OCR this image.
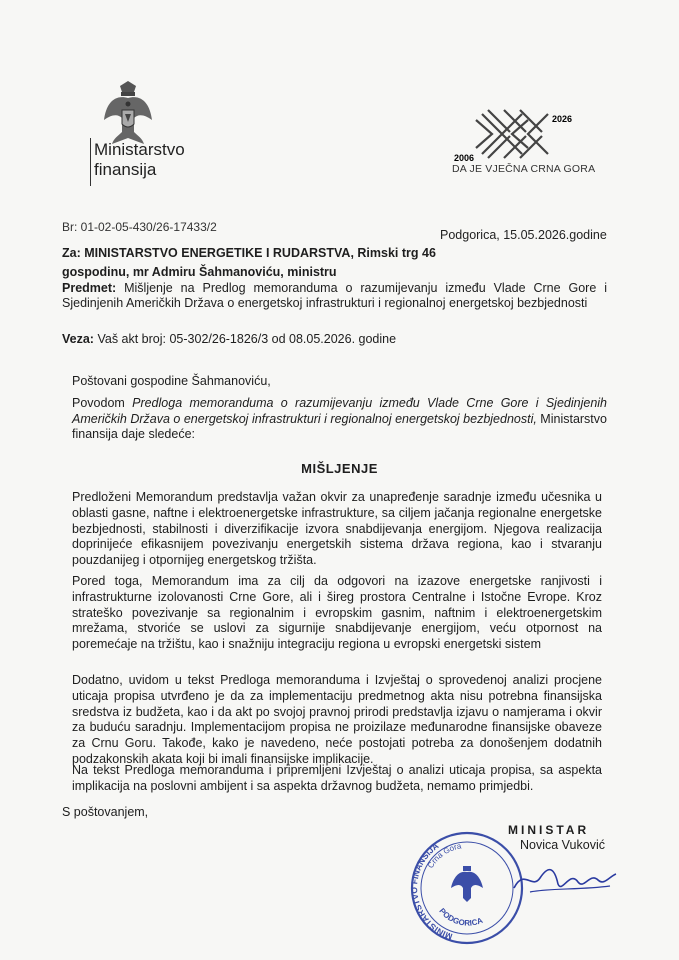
Ministarstvo
finansija
2006
2026
DA JE VJEČNA CRNA GORA
Br: 01-02-05-430/26-17433/2
Podgorica, 15.05.2026.godine
Za: MINISTARSTVO ENERGETIKE I RUDARSTVA, Rimski trg 46
gospodinu, mr Admiru Šahmanoviću, ministru
Predmet: Mišljenje na Predlog memoranduma o razumijevanju između Vlade Crne Gore i Sjedinjenih Američkih Država o energetskoj infrastrukturi i regionalnoj energetskoj bezbjednosti
Veza: Vaš akt broj: 05-302/26-1826/3 od 08.05.2026. godine
Poštovani gospodine Šahmanoviću,
Povodom Predloga memoranduma o razumijevanju između Vlade Crne Gore i Sjedinjenih Američkih Država o energetskoj infrastrukturi i regionalnoj energetskoj bezbjednosti, Ministarstvo finansija daje sledeće:
MIŠLJENJE
Predloženi Memorandum predstavlja važan okvir za unapređenje saradnje između učesnika u oblasti gasne, naftne i elektroenergetske infrastrukture, sa ciljem jačanja regionalne energetske bezbjednosti, stabilnosti i diverzifikacije izvora snabdijevanja energijom. Njegova realizacija doprinijeće efikasnijem povezivanju energetskih sistema država regiona, kao i stvaranju pouzdanijeg i otpornijeg energetskog tržišta.
Pored toga, Memorandum ima za cilj da odgovori na izazove energetske ranjivosti i infrastrukturne izolovanosti Crne Gore, ali i šireg prostora Centralne i Istočne Evrope. Kroz strateško povezivanje sa regionalnim i evropskim gasnim, naftnim i elektroenergetskim mrežama, stvoriće se uslovi za sigurnije snabdijevanje energijom, veću otpornost na poremećaje na tržištu, kao i snažniju integraciju regiona u evropski energetski sistem
Dodatno, uvidom u tekst Predloga memoranduma i Izvještaj o sprovedenoj analizi procjene uticaja propisa utvrđeno je da za implementaciju predmetnog akta nisu potrebna finansijska sredstva iz budžeta, kao i da akt po svojoj pravnoj prirodi predstavlja izjavu o namjerama i okvir za buduću saradnju. Implementacijom propisa ne proizilaze međunarodne finansijske obaveze za Crnu Goru. Takođe, kako je navedeno, neće postojati potreba za donošenjem dodatnih podzakonskih akata koji bi imali finansijske implikacije.
Na tekst Predloga memoranduma i pripremljeni Izvještaj o analizi uticaja propisa, sa aspekta implikacija na poslovni ambijent i sa aspekta državnog budžeta, nemamo primjedbi.
S poštovanjem,
MINISTARSTVO FINANSIJA
Crna Gora
PODGORICA
MINISTAR
Novica Vuković
